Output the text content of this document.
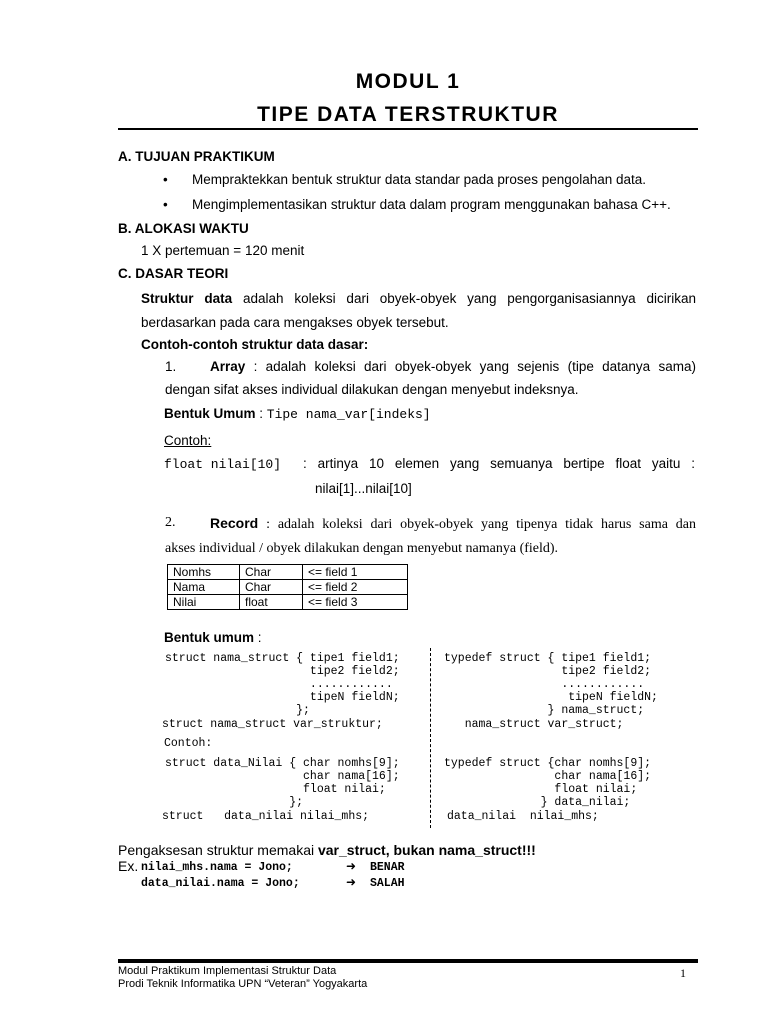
MODUL 1
TIPE DATA TERSTRUKTUR
A. TUJUAN PRAKTIKUM
• Mempraktekkan bentuk struktur data standar pada proses pengolahan data.
• Mengimplementasikan struktur data dalam program menggunakan bahasa C++.
B. ALOKASI WAKTU
1 X pertemuan = 120 menit
C. DASAR TEORI
Struktur data adalah koleksi dari obyek-obyek yang pengorganisasiannya dicirikan
berdasarkan pada cara mengakses obyek tersebut.
Contoh-contoh struktur data dasar:
1. Array : adalah koleksi dari obyek-obyek yang sejenis (tipe datanya sama)
dengan sifat akses individual dilakukan dengan menyebut indeksnya.
Bentuk Umum : Tipe nama_var[indeks]
Contoh:
float nilai[10] : artinya 10 elemen yang semuanya bertipe float yaitu :
nilai[1]...nilai[10]
2. Record : adalah koleksi dari obyek-obyek yang tipenya tidak harus sama dan
akses individual / obyek dilakukan dengan menyebut namanya (field).
Nomhs	Char	<= field 1
Nama	Char	<= field 2
Nilai	float	<= field 3
Bentuk umum :
struct nama_struct { tipe1 field1;
tipe2 field2;
............
tipeN fieldN;
};
struct nama_struct var_struktur;
typedef struct { tipe1 field1;
tipe2 field2;
............
tipeN fieldN;
} nama_struct;
nama_struct var_struct;
Contoh:
struct data_Nilai { char nomhs[9];
char nama[16];
float nilai;
};
struct   data_nilai nilai_mhs;
typedef struct {char nomhs[9];
char nama[16];
float nilai;
} data_nilai;
data_nilai  nilai_mhs;
Pengaksesan struktur memakai var_struct, bukan nama_struct!!!
Ex. nilai_mhs.nama = Jono;	➜ BENAR
data_nilai.nama = Jono;	➜ SALAH
Modul Praktikum Implementasi Struktur Data
Prodi Teknik Informatika UPN “Veteran” Yogyakarta
1
